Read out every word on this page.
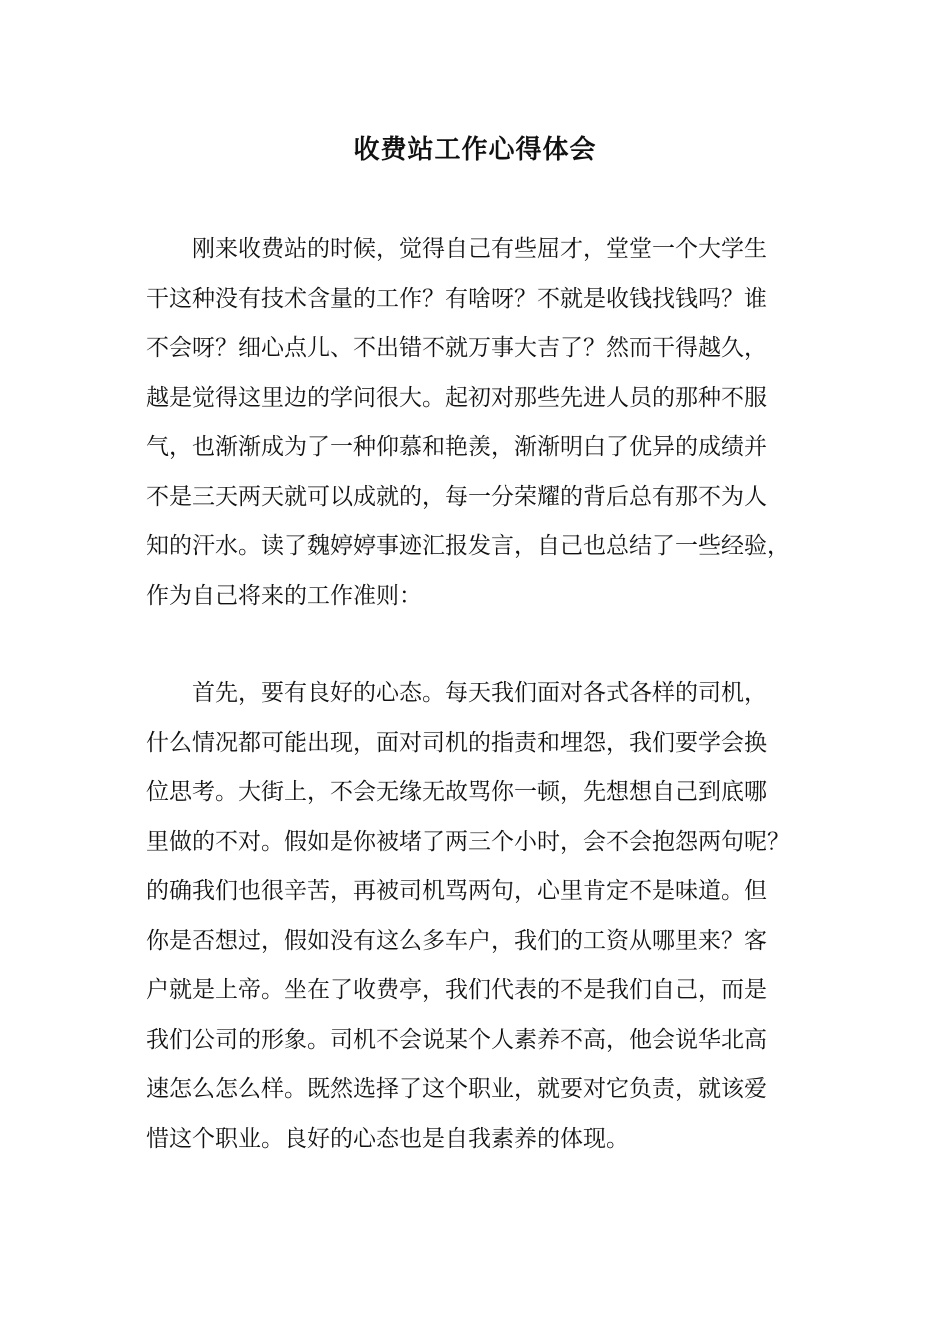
收费站工作心得体会

刚来收费站的时候，觉得自己有些屈才，堂堂一个大学生
干这种没有技术含量的工作？有啥呀？不就是收钱找钱吗？谁
不会呀？细心点儿、不出错不就万事大吉了？然而干得越久，
越是觉得这里边的学问很大。起初对那些先进人员的那种不服
气，也渐渐成为了一种仰慕和艳羡，渐渐明白了优异的成绩并
不是三天两天就可以成就的，每一分荣耀的背后总有那不为人
知的汗水。读了魏婷婷事迹汇报发言，自己也总结了一些经验，
作为自己将来的工作准则：

首先，要有良好的心态。每天我们面对各式各样的司机，
什么情况都可能出现，面对司机的指责和埋怨，我们要学会换
位思考。大街上，不会无缘无故骂你一顿，先想想自己到底哪
里做的不对。假如是你被堵了两三个小时，会不会抱怨两句呢？
的确我们也很辛苦，再被司机骂两句，心里肯定不是味道。但
你是否想过，假如没有这么多车户，我们的工资从哪里来？客
户就是上帝。坐在了收费亭，我们代表的不是我们自己，而是
我们公司的形象。司机不会说某个人素养不高，他会说华北高
速怎么怎么样。既然选择了这个职业，就要对它负责，就该爱
惜这个职业。良好的心态也是自我素养的体现。
